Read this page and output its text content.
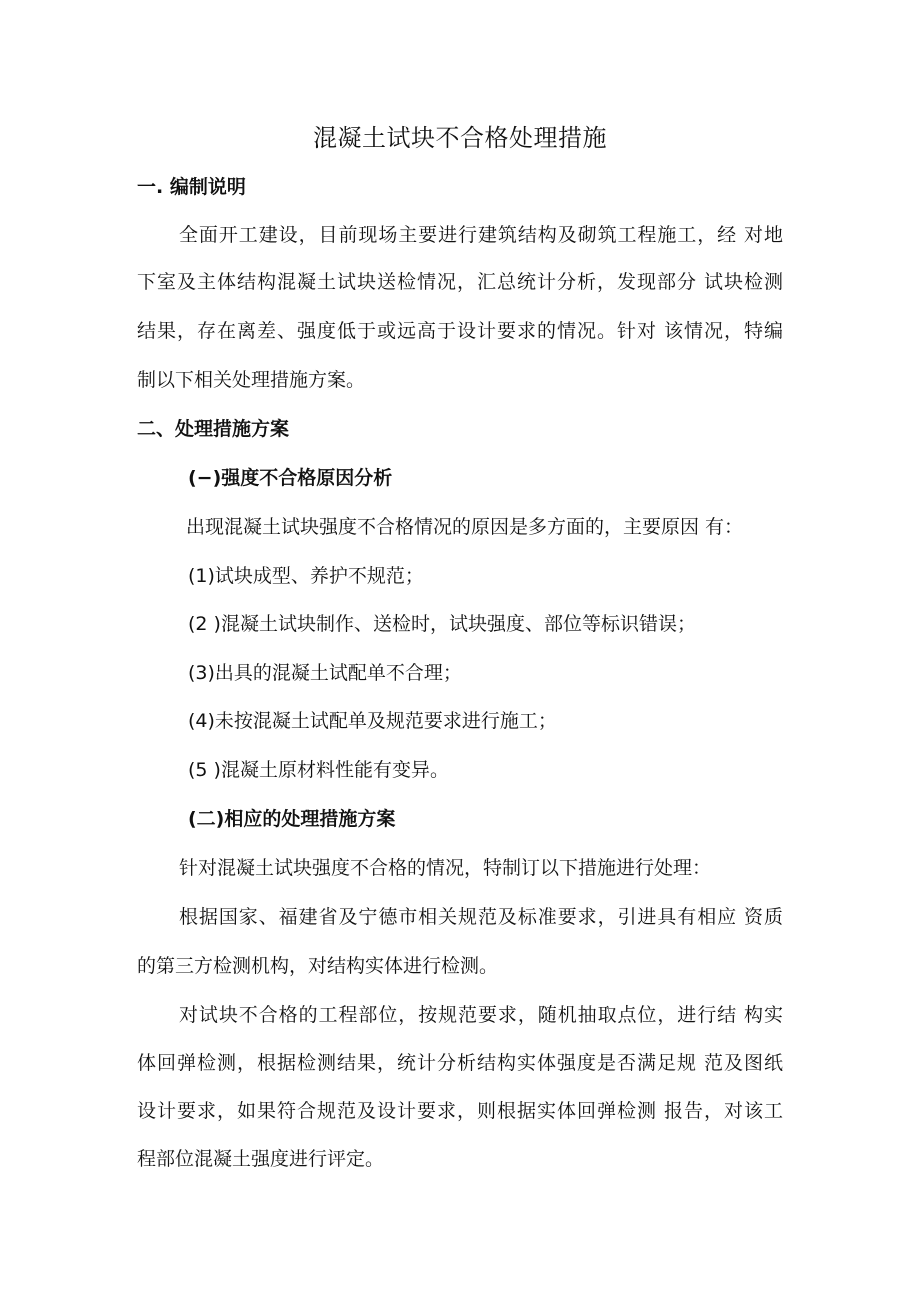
混凝土试块不合格处理措施
一. 编制说明
全面开工建设，目前现场主要进行建筑结构及砌筑工程施工，经 对地
下室及主体结构混凝土试块送检情况，汇总统计分析，发现部分 试块检测
结果，存在离差、强度低于或远高于设计要求的情况。针对 该情况，特编
制以下相关处理措施方案。
二、处理措施方案
(−)强度不合格原因分析
出现混凝土试块强度不合格情况的原因是多方面的，主要原因 有：
(1)试块成型、养护不规范；
(2 )混凝土试块制作、送检时，试块强度、部位等标识错误；
(3)出具的混凝土试配单不合理；
(4)未按混凝土试配单及规范要求进行施工；
(5 )混凝土原材料性能有变异。
(二)相应的处理措施方案
针对混凝土试块强度不合格的情况，特制订以下措施进行处理：
根据国家、福建省及宁德市相关规范及标准要求，引进具有相应 资质
的第三方检测机构，对结构实体进行检测。
对试块不合格的工程部位，按规范要求，随机抽取点位，进行结 构实
体回弹检测，根据检测结果，统计分析结构实体强度是否满足规 范及图纸
设计要求，如果符合规范及设计要求，则根据实体回弹检测 报告，对该工
程部位混凝土强度进行评定。
